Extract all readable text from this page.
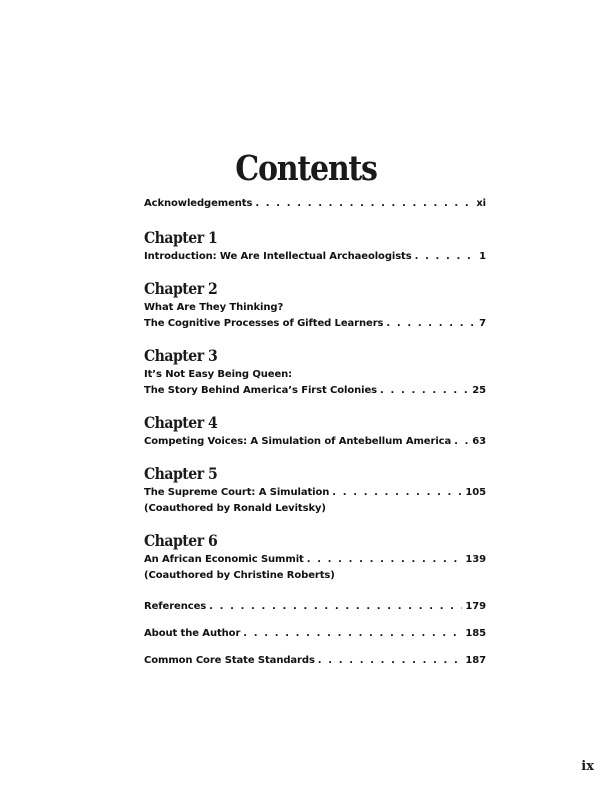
Contents
Acknowledgements . . .	xi
Chapter 1
Introduction: We Are Intellectual Archaeologists . . .	1
Chapter 2
What Are They Thinking?
The Cognitive Processes of Gifted Learners . . .	7
Chapter 3
It’s Not Easy Being Queen:
The Story Behind America’s First Colonies . . .	25
Chapter 4
Competing Voices: A Simulation of Antebellum America . . . 63
Chapter 5
The Supreme Court: A Simulation . . .	105
(Coauthored by Ronald Levitsky)
Chapter 6
An African Economic Summit . . .	139
(Coauthored by Christine Roberts)
References . . .	179
About the Author . . .	185
Common Core State Standards . . .	187
ix
